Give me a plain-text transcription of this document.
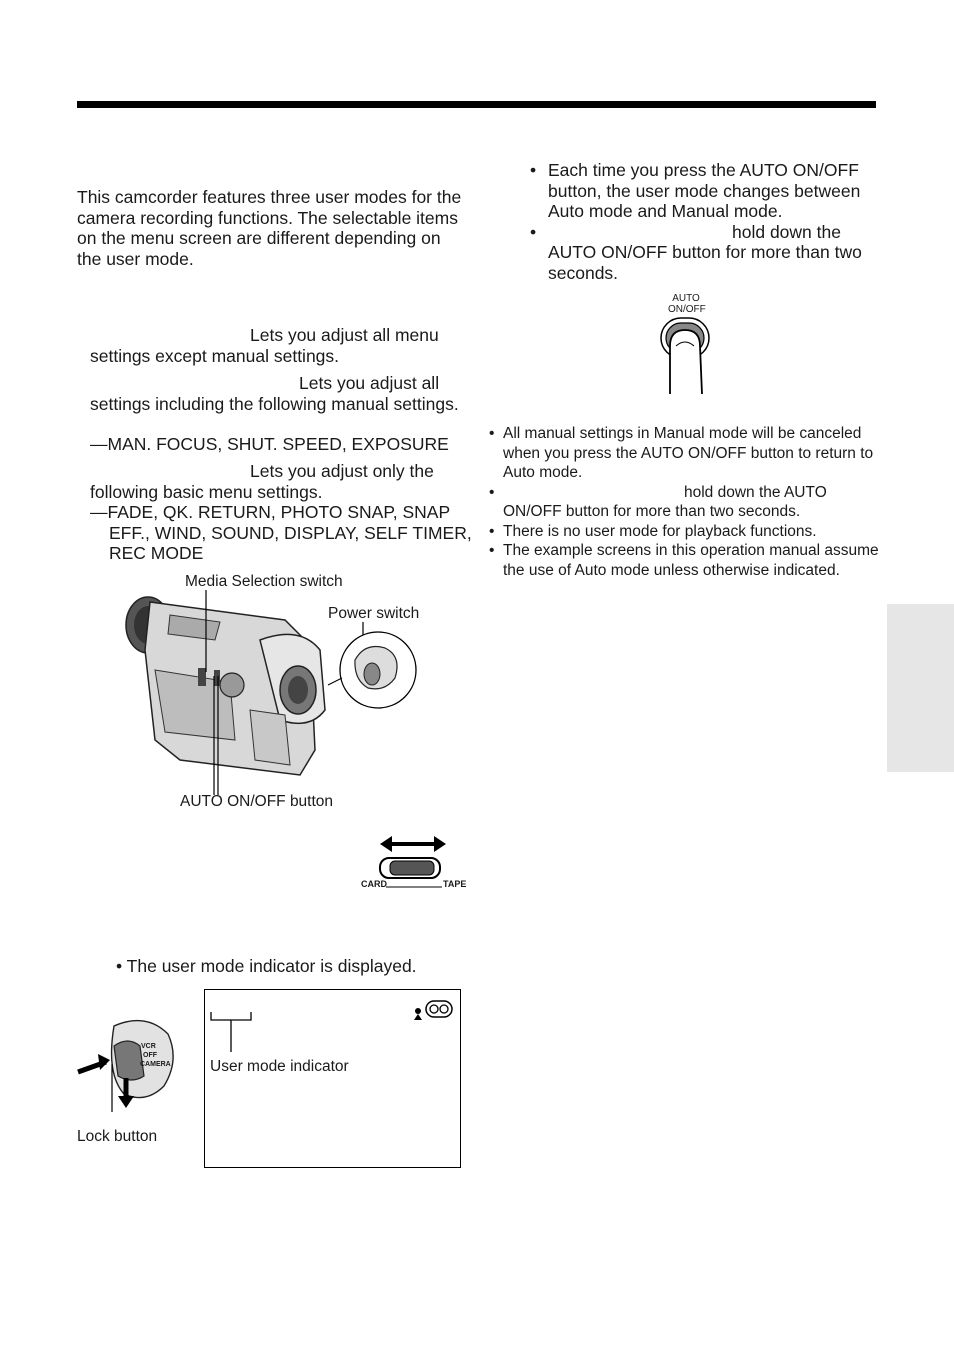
This camcorder features three user modes for the camera recording functions. The selectable items on the menu screen are different depending on the user mode.

Lets you adjust all menu settings except manual settings.

Lets you adjust all settings including the following manual settings.

—MAN. FOCUS, SHUT. SPEED, EXPOSURE

Lets you adjust only the following basic menu settings.

—FADE, QK. RETURN, PHOTO SNAP, SNAP EFF., WIND, SOUND, DISPLAY, SELF TIMER, REC MODE

Media Selection switch
Power switch
AUTO ON/OFF button
CARD	TAPE

• The user mode indicator is displayed.

VCR
OFF
CAMERA
Lock button
User mode indicator
• Each time you press the AUTO ON/OFF button, the user mode changes between Auto mode and Manual mode.

•	hold down the AUTO ON/OFF button for more than two seconds.

AUTO
ON/OFF
• All manual settings in Manual mode will be canceled when you press the AUTO ON/OFF button to return to Auto mode.

•	hold down the AUTO ON/OFF button for more than two seconds.

• There is no user mode for playback functions.

• The example screens in this operation manual assume the use of Auto mode unless otherwise indicated.
